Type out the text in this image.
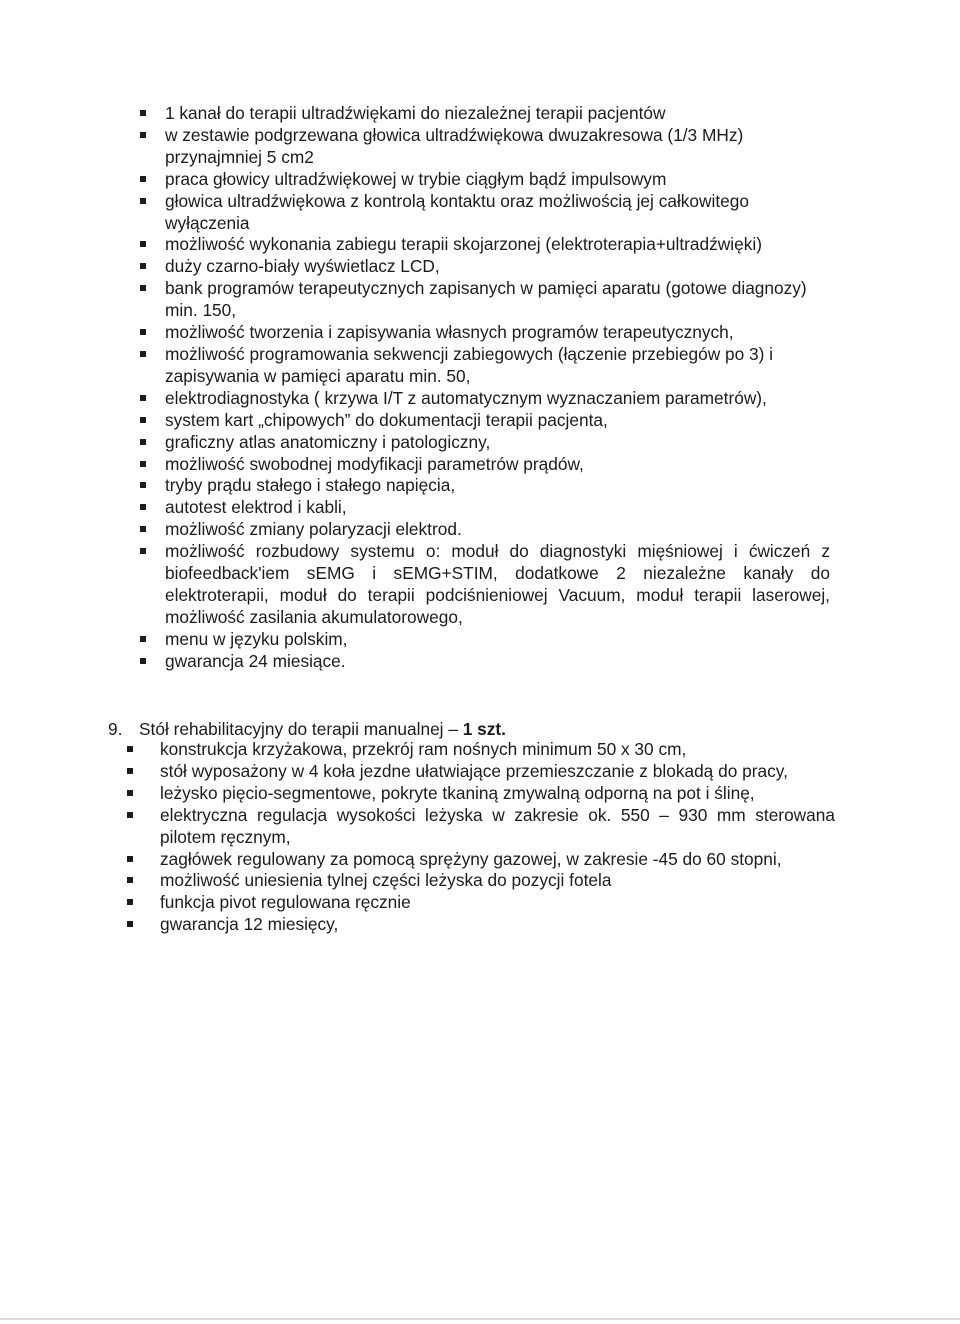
1 kanał do terapii ultradźwiękami do niezależnej terapii pacjentów
w zestawie podgrzewana głowica ultradźwiękowa dwuzakresowa (1/3 MHz) przynajmniej 5 cm2
praca głowicy ultradźwiękowej w trybie ciągłym bądź impulsowym
głowica ultradźwiękowa z kontrolą kontaktu oraz możliwością jej całkowitego wyłączenia
możliwość wykonania zabiegu terapii skojarzonej (elektroterapia+ultradźwięki)
duży czarno-biały wyświetlacz LCD,
bank programów terapeutycznych zapisanych w pamięci aparatu (gotowe diagnozy) min. 150,
możliwość tworzenia i zapisywania własnych programów terapeutycznych,
możliwość programowania sekwencji zabiegowych (łączenie przebiegów po 3) i zapisywania w pamięci aparatu min. 50,
elektrodiagnostyka ( krzywa I/T z automatycznym wyznaczaniem parametrów),
system kart „chipowych” do dokumentacji terapii pacjenta,
graficzny atlas anatomiczny i patologiczny,
możliwość swobodnej modyfikacji parametrów prądów,
tryby prądu stałego i stałego napięcia,
autotest elektrod i kabli,
możliwość zmiany polaryzacji elektrod.
możliwość rozbudowy systemu o: moduł do diagnostyki mięśniowej i ćwiczeń z biofeedback'iem sEMG i sEMG+STIM, dodatkowe 2 niezależne kanały do elektroterapii, moduł do terapii podciśnieniowej Vacuum, moduł terapii laserowej, możliwość zasilania akumulatorowego,
menu w języku polskim,
gwarancja 24 miesiące.
9. Stół rehabilitacyjny do terapii manualnej – 1 szt.
konstrukcja krzyżakowa, przekrój ram nośnych minimum 50 x 30 cm,
stół wyposażony w 4 koła jezdne ułatwiające przemieszczanie z blokadą do pracy,
leżysko pięcio-segmentowe, pokryte tkaniną zmywalną odporną na pot i ślinę,
elektryczna regulacja wysokości leżyska w zakresie ok. 550 – 930 mm sterowana pilotem ręcznym,
zagłówek regulowany za pomocą sprężyny gazowej, w zakresie -45 do 60 stopni,
możliwość uniesienia tylnej części leżyska do pozycji fotela
funkcja pivot regulowana ręcznie
gwarancja 12 miesięcy,
